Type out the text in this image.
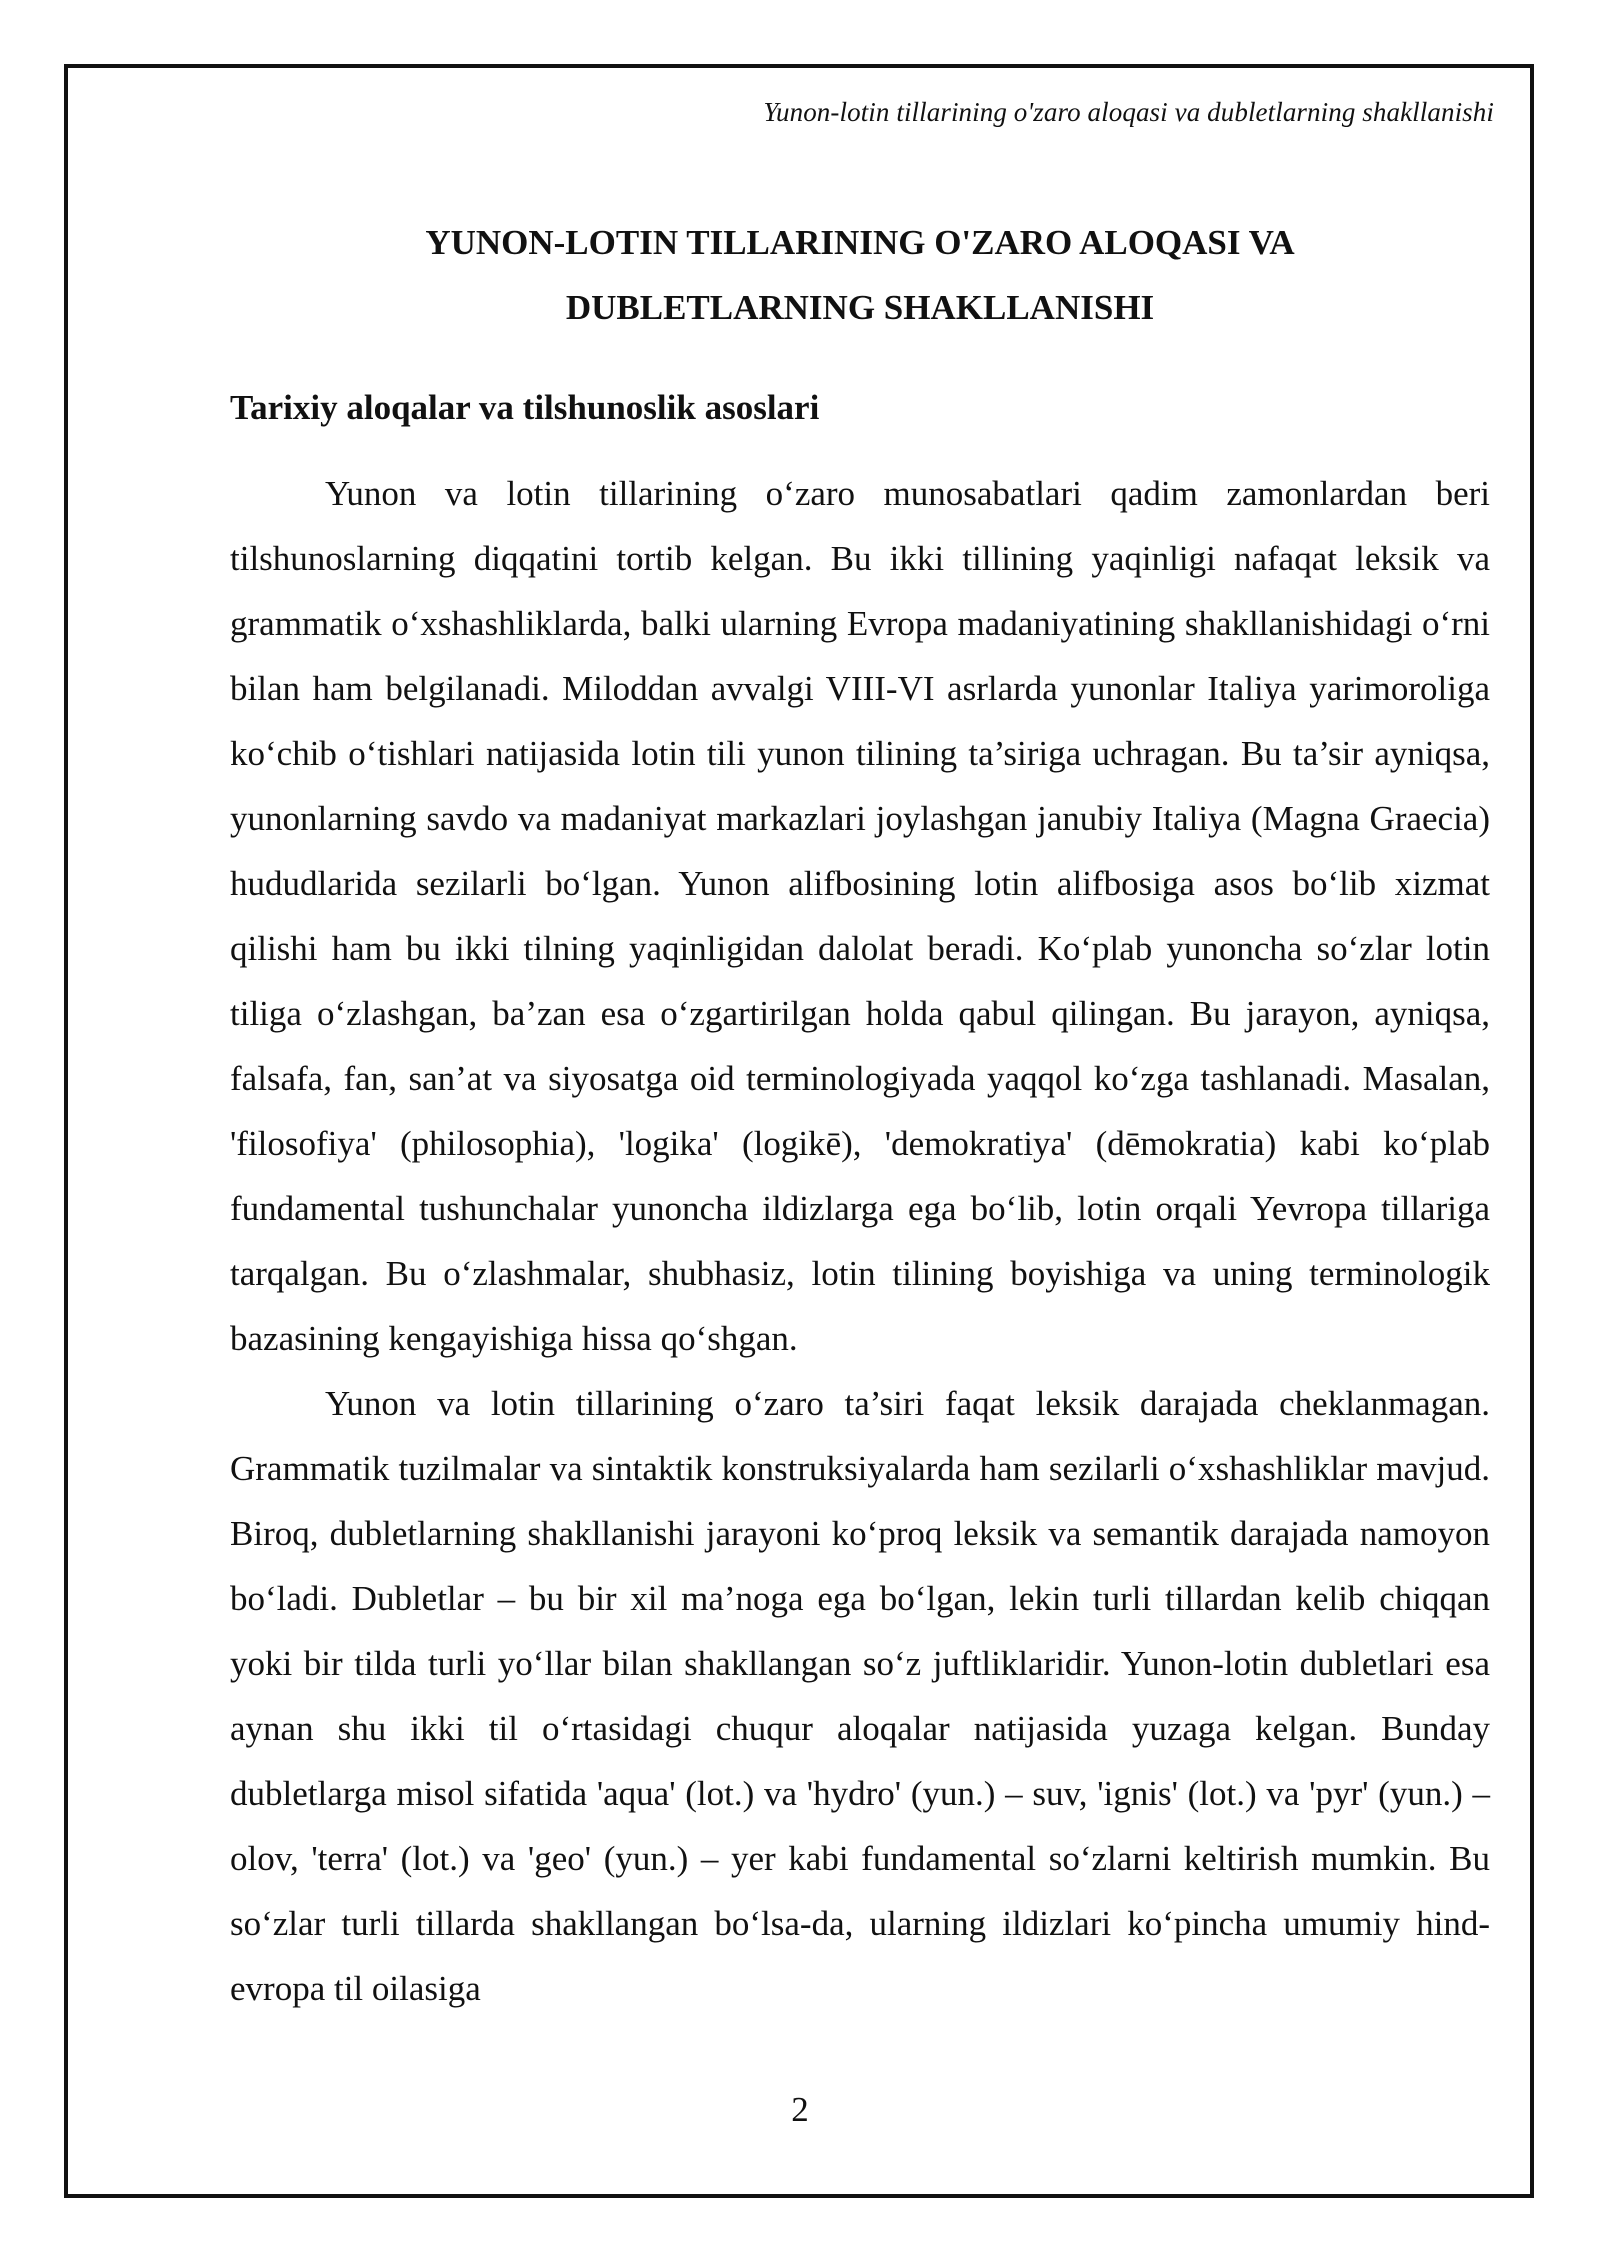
Yunon-lotin tillarining o'zaro aloqasi va dubletlarning shakllanishi
YUNON-LOTIN TILLARINING O'ZARO ALOQASI VA
DUBLETLARNING SHAKLLANISHI
Tarixiy aloqalar va tilshunoslik asoslari

Yunon va lotin tillarining o‘zaro munosabatlari qadim zamonlardan beri tilshunoslarning diqqatini tortib kelgan. Bu ikki tillining yaqinligi nafaqat leksik va grammatik o‘xshashliklarda, balki ularning Evropa madaniyatining shakllanishidagi o‘rni bilan ham belgilanadi. Miloddan avvalgi VIII-VI asrlarda yunonlar Italiya yarimoroliga ko‘chib o‘tishlari natijasida lotin tili yunon tilining ta’siriga uchragan. Bu ta’sir ayniqsa, yunonlarning savdo va madaniyat markazlari joylashgan janubiy Italiya (Magna Graecia) hududlarida sezilarli bo‘lgan. Yunon alifbosining lotin alifbosiga asos bo‘lib xizmat qilishi ham bu ikki tilning yaqinligidan dalolat beradi. Ko‘plab yunoncha so‘zlar lotin tiliga o‘zlashgan, ba’zan esa o‘zgartirilgan holda qabul qilingan. Bu jarayon, ayniqsa, falsafa, fan, san’at va siyosatga oid terminologiyada yaqqol ko‘zga tashlanadi. Masalan, 'filosofiya' (philosophia), 'logika' (logikē), 'demokratiya' (dēmokratia) kabi ko‘plab fundamental tushunchalar yunoncha ildizlarga ega bo‘lib, lotin orqali Yevropa tillariga tarqalgan. Bu o‘zlashmalar, shubhasiz, lotin tilining boyishiga va uning terminologik bazasining kengayishiga hissa qo‘shgan.

Yunon va lotin tillarining o‘zaro ta’siri faqat leksik darajada cheklanmagan. Grammatik tuzilmalar va sintaktik konstruksiyalarda ham sezilarli o‘xshashliklar mavjud. Biroq, dubletlarning shakllanishi jarayoni ko‘proq leksik va semantik darajada namoyon bo‘ladi. Dubletlar – bu bir xil ma’noga ega bo‘lgan, lekin turli tillardan kelib chiqqan yoki bir tilda turli yo‘llar bilan shakllangan so‘z juftliklaridir. Yunon-lotin dubletlari esa aynan shu ikki til o‘rtasidagi chuqur aloqalar natijasida yuzaga kelgan. Bunday dubletlarga misol sifatida 'aqua' (lot.) va 'hydro' (yun.) – suv, 'ignis' (lot.) va 'pyr' (yun.) – olov, 'terra' (lot.) va 'geo' (yun.) – yer kabi fundamental so‘zlarni keltirish mumkin. Bu so‘zlar turli tillarda shakllangan bo‘lsa-da, ularning ildizlari ko‘pincha umumiy hind-evropa til oilasiga

2
